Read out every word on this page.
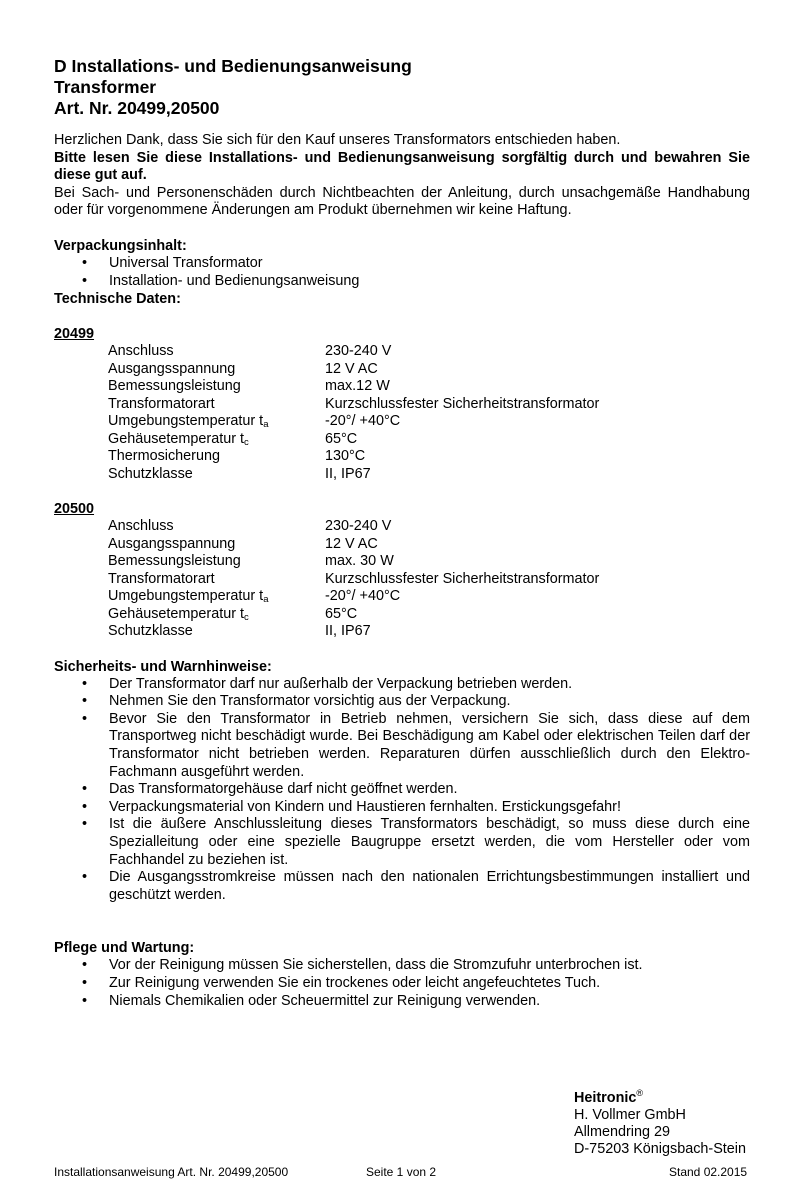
D Installations- und Bedienungsanweisung

Transformer

Art. Nr. 20499,20500

Herzlichen Dank, dass Sie sich für den Kauf unseres Transformators entschieden haben.

Bitte lesen Sie diese Installations- und Bedienungsanweisung sorgfältig durch und bewahren Sie diese gut auf.

Bei Sach- und Personenschäden durch Nichtbeachten der Anleitung, durch unsachgemäße Handhabung oder für vorgenommene Änderungen am Produkt übernehmen wir keine Haftung.

Verpackungsinhalt:
• Universal Transformator
• Installation- und Bedienungsanweisung
Technische Daten:
20499
Anschluss	230-240 V
Ausgangsspannung	12 V AC
Bemessungsleistung	max.12 W
Transformatorart	Kurzschlussfester Sicherheitstransformator
Umgebungstemperatur $t_a$	-20°/ +40°C
Gehäusetemperatur $t_c$	65°C
Thermosicherung	130°C
Schutzklasse	II, IP67
20500
Anschluss	230-240 V
Ausgangsspannung	12 V AC
Bemessungsleistung	max. 30 W
Transformatorart	Kurzschlussfester Sicherheitstransformator
Umgebungstemperatur $t_a$	-20°/ +40°C
Gehäusetemperatur $t_c$	65°C
Schutzklasse	II, IP67
Sicherheits- und Warnhinweise:
• Der Transformator darf nur außerhalb der Verpackung betrieben werden.
• Nehmen Sie den Transformator vorsichtig aus der Verpackung.
• Bevor Sie den Transformator in Betrieb nehmen, versichern Sie sich, dass diese auf dem Transportweg nicht beschädigt wurde. Bei Beschädigung am Kabel oder elektrischen Teilen darf der Transformator nicht betrieben werden. Reparaturen dürfen ausschließlich durch den Elektro-Fachmann ausgeführt werden.
• Das Transformatorgehäuse darf nicht geöffnet werden.
• Verpackungsmaterial von Kindern und Haustieren fernhalten. Erstickungsgefahr!
• Ist die äußere Anschlussleitung dieses Transformators beschädigt, so muss diese durch eine Spezialleitung oder eine spezielle Baugruppe ersetzt werden, die vom Hersteller oder vom Fachhandel zu beziehen ist.
• Die Ausgangsstromkreise müssen nach den nationalen Errichtungsbestimmungen installiert und geschützt werden.
Pflege und Wartung:
• Vor der Reinigung müssen Sie sicherstellen, dass die Stromzufuhr unterbrochen ist.
• Zur Reinigung verwenden Sie ein trockenes oder leicht angefeuchtetes Tuch.
• Niemals Chemikalien oder Scheuermittel zur Reinigung verwenden.
Heitronic®
H. Vollmer GmbH
Allmendring 29
D-75203 Königsbach-Stein
Installationsanweisung Art. Nr. 20499,20500	Seite 1 von 2	Stand 02.2015
